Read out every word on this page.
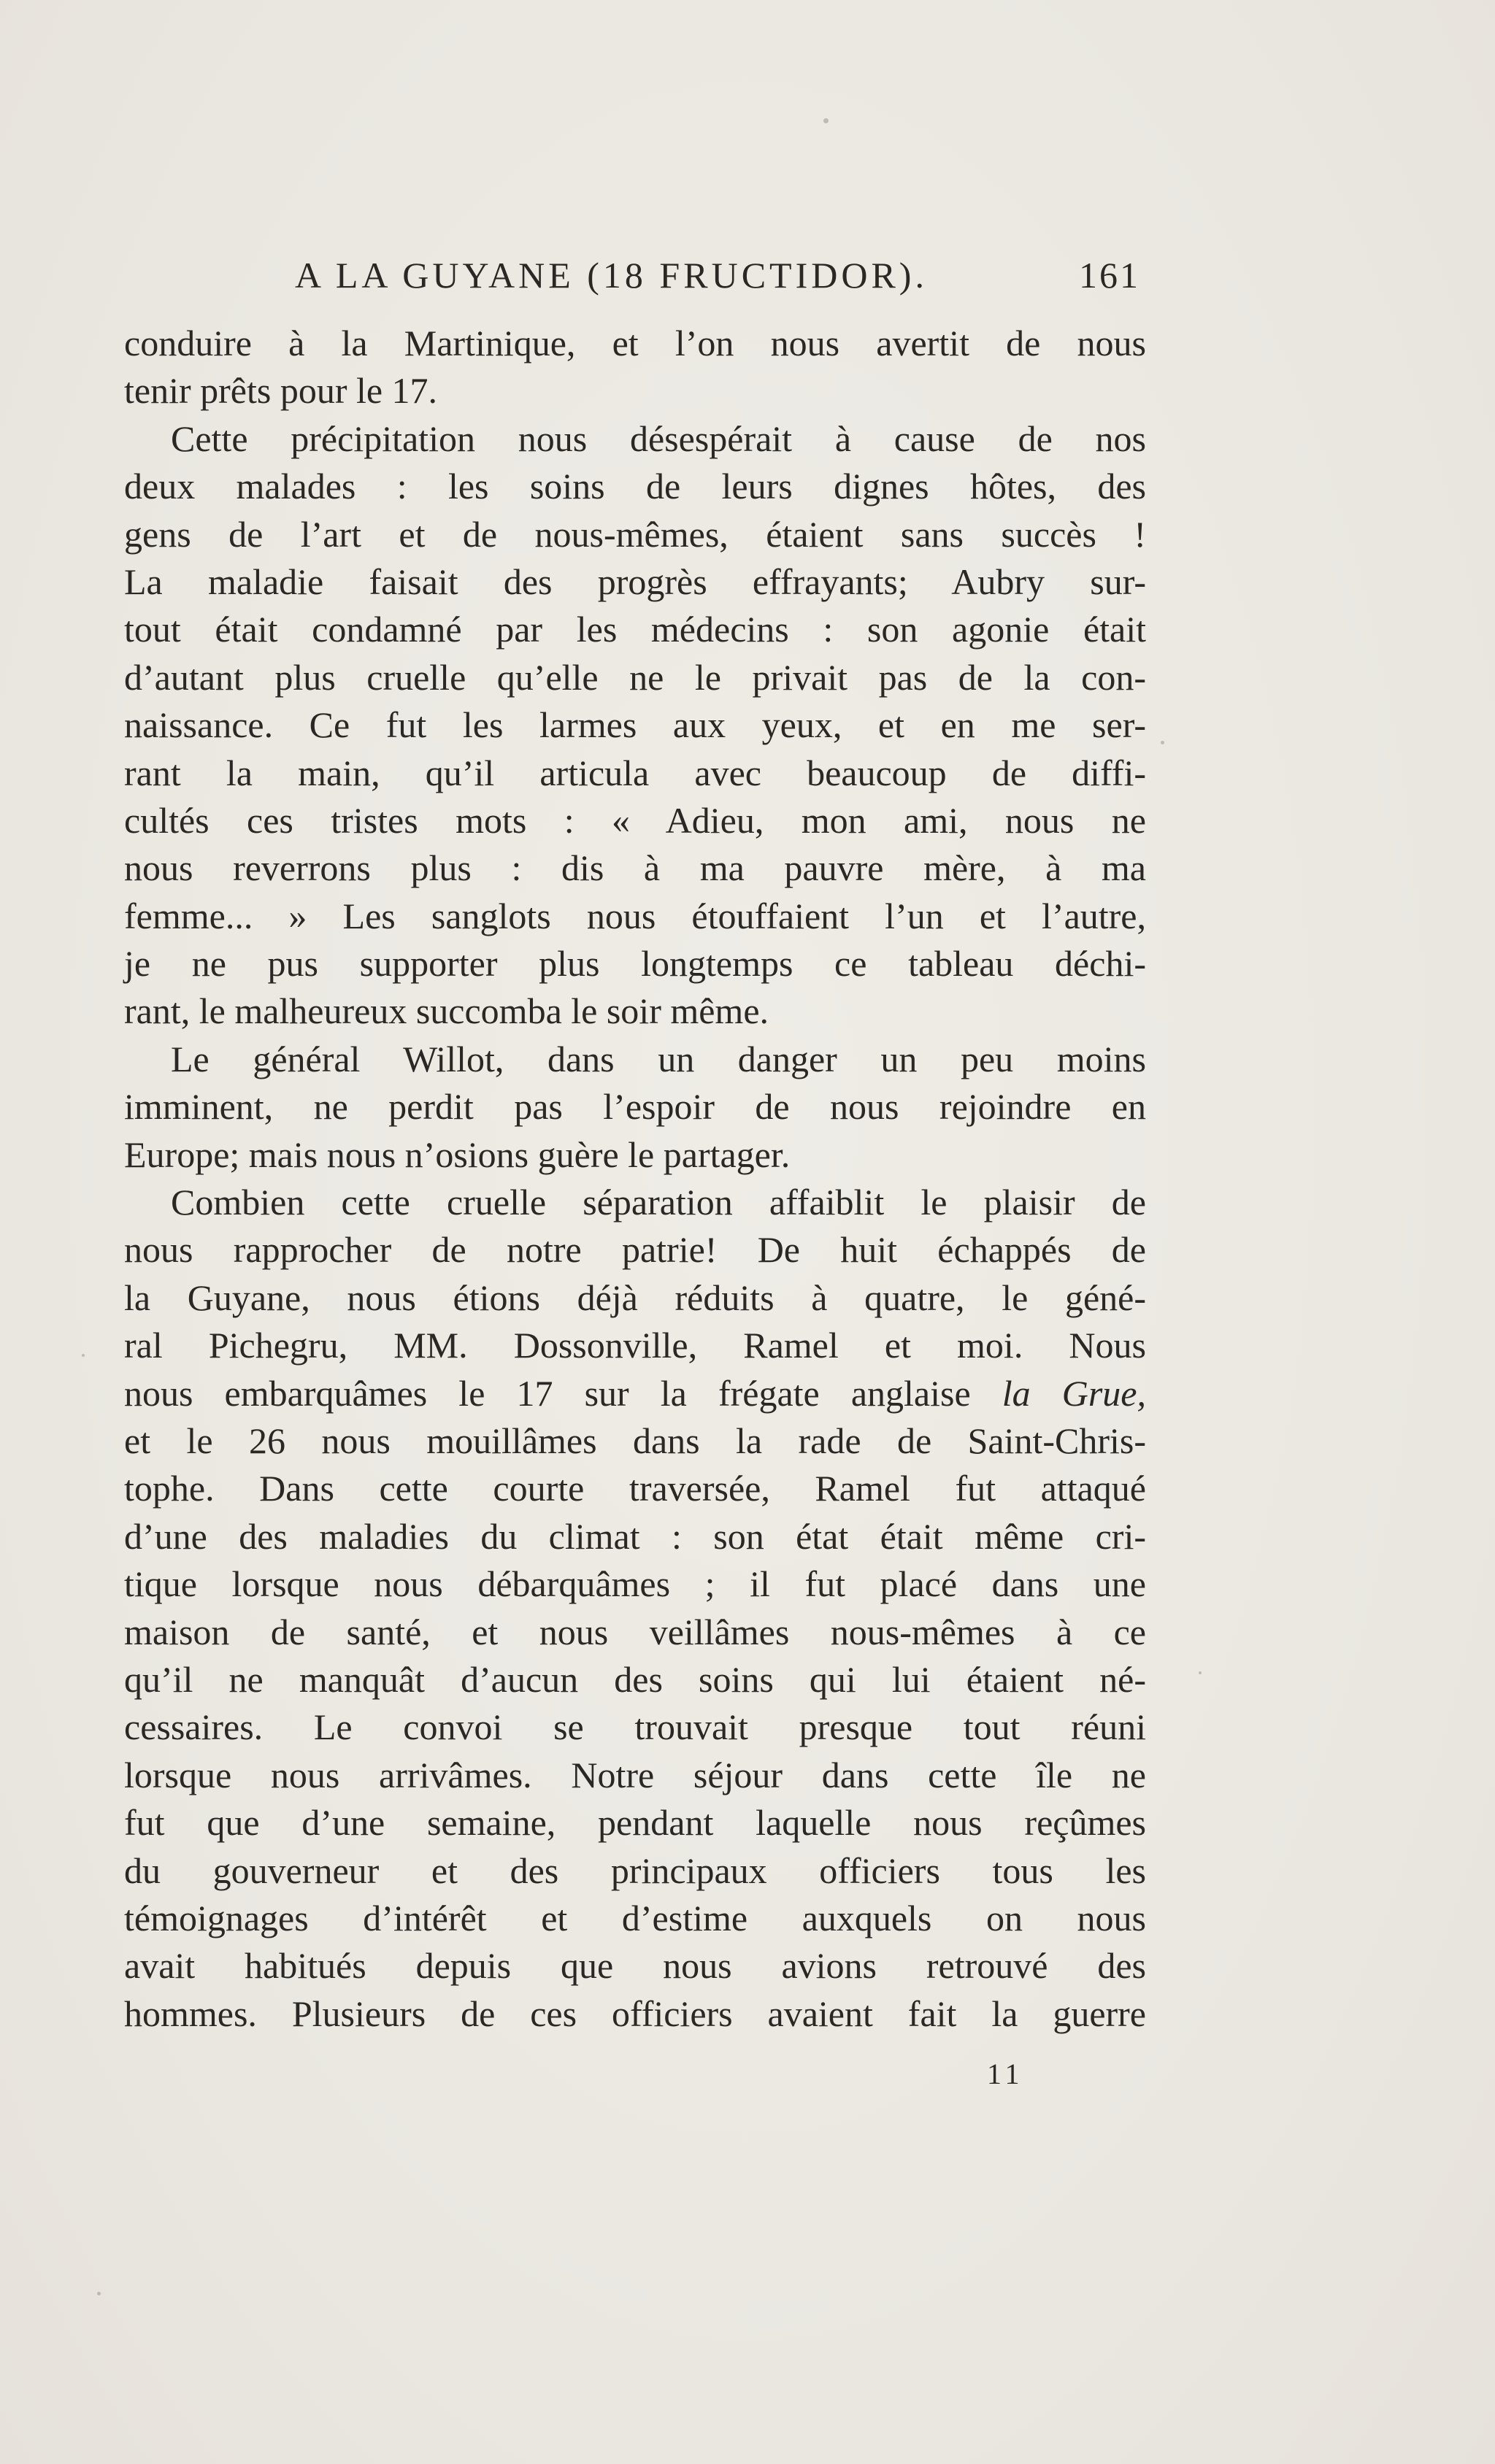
A LA GUYANE (18 FRUCTIDOR).	161
conduire à la Martinique, et l’on nous avertit de nous
tenir prêts pour le 17.
Cette précipitation nous désespérait à cause de nos
deux malades : les soins de leurs dignes hôtes, des
gens de l’art et de nous-mêmes, étaient sans succès !
La maladie faisait des progrès effrayants; Aubry sur-
tout était condamné par les médecins : son agonie était
d’autant plus cruelle qu’elle ne le privait pas de la con-
naissance. Ce fut les larmes aux yeux, et en me ser-
rant la main, qu’il articula avec beaucoup de diffi-
cultés ces tristes mots : « Adieu, mon ami, nous ne
nous reverrons plus : dis à ma pauvre mère, à ma
femme... » Les sanglots nous étouffaient l’un et l’autre,
je ne pus supporter plus longtemps ce tableau déchi-
rant, le malheureux succomba le soir même.
Le général Willot, dans un danger un peu moins
imminent, ne perdit pas l’espoir de nous rejoindre en
Europe; mais nous n’osions guère le partager.
Combien cette cruelle séparation affaiblit le plaisir de
nous rapprocher de notre patrie! De huit échappés de
la Guyane, nous étions déjà réduits à quatre, le géné-
ral Pichegru, MM. Dossonville, Ramel et moi. Nous
nous embarquâmes le 17 sur la frégate anglaise la Grue,
et le 26 nous mouillâmes dans la rade de Saint-Chris-
tophe. Dans cette courte traversée, Ramel fut attaqué
d’une des maladies du climat : son état était même cri-
tique lorsque nous débarquâmes ; il fut placé dans une
maison de santé, et nous veillâmes nous-mêmes à ce
qu’il ne manquât d’aucun des soins qui lui étaient né-
cessaires. Le convoi se trouvait presque tout réuni
lorsque nous arrivâmes. Notre séjour dans cette île ne
fut que d’une semaine, pendant laquelle nous reçûmes
du gouverneur et des principaux officiers tous les
témoignages d’intérêt et d’estime auxquels on nous
avait habitués depuis que nous avions retrouvé des
hommes. Plusieurs de ces officiers avaient fait la guerre
11
